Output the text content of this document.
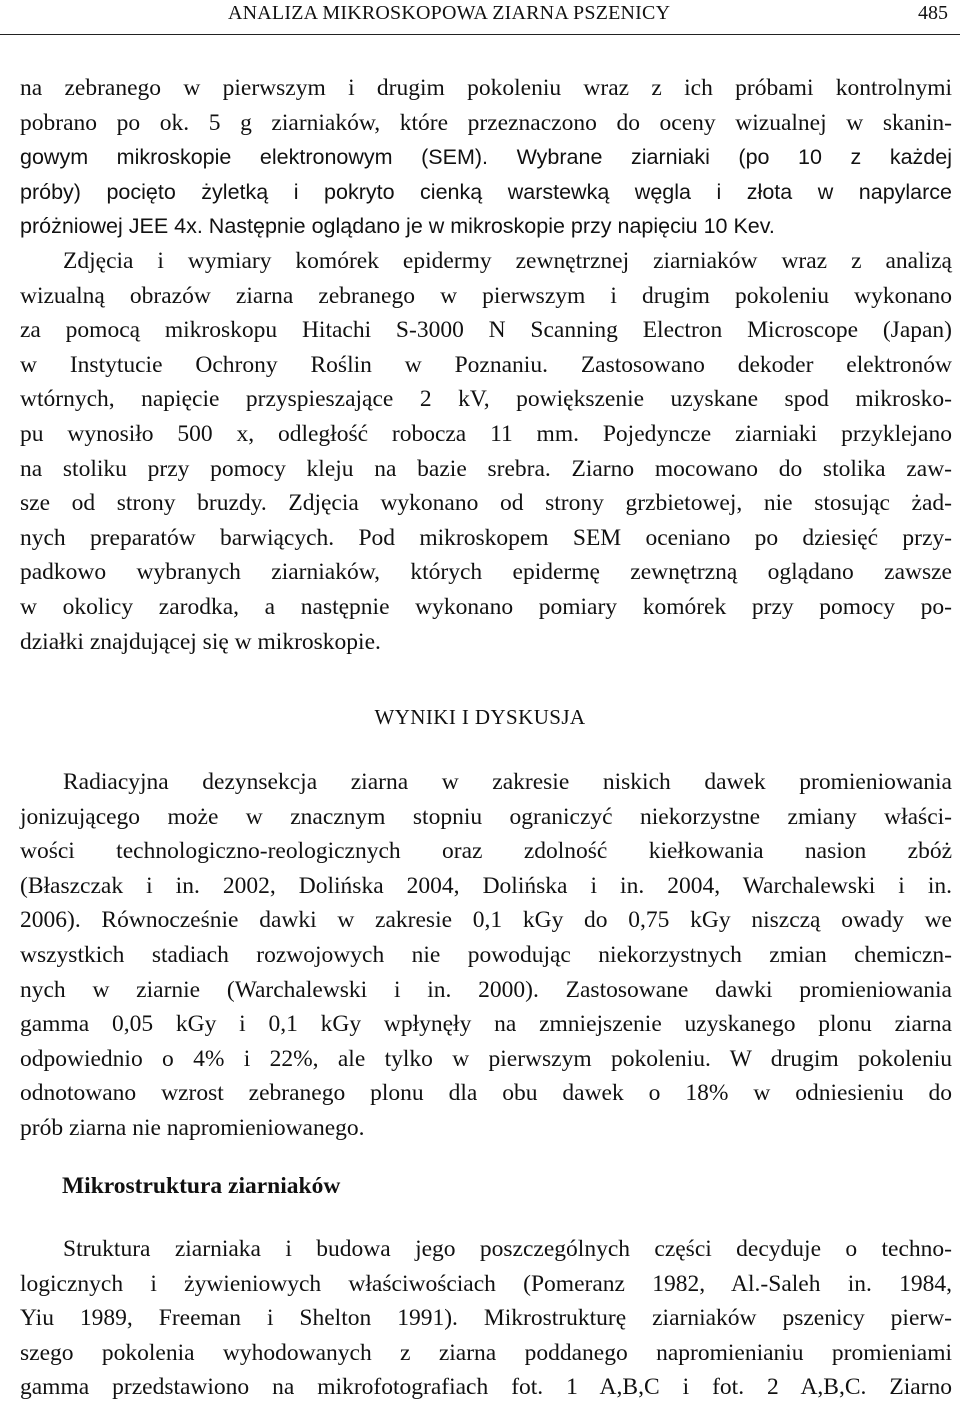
ANALIZA MIKROSKOPOWA ZIARNA PSZENICY	485
na zebranego w pierwszym i drugim pokoleniu wraz z ich próbami kontrolnymi
pobrano po ok. 5 g ziarniaków, które przeznaczono do oceny wizualnej w skanin-
gowym mikroskopie elektronowym (SEM). Wybrane ziarniaki (po 10 z każdej
próby) pocięto żyletką i pokryto cienką warstewką węgla i złota w napylarce
próżniowej JEE 4x. Następnie oglądano je w mikroskopie przy napięciu 10 Kev.
Zdjęcia i wymiary komórek epidermy zewnętrznej ziarniaków wraz z analizą
wizualną obrazów ziarna zebranego w pierwszym i drugim pokoleniu wykonano
za pomocą mikroskopu Hitachi S-3000 N Scanning Electron Microscope (Japan)
w Instytucie Ochrony Roślin w Poznaniu. Zastosowano dekoder elektronów
wtórnych, napięcie przyspieszające 2 kV, powiększenie uzyskane spod mikrosko-
pu wynosiło 500 x, odległość robocza 11 mm. Pojedyncze ziarniaki przyklejano
na stoliku przy pomocy kleju na bazie srebra. Ziarno mocowano do stolika zaw-
sze od strony bruzdy. Zdjęcia wykonano od strony grzbietowej, nie stosując żad-
nych preparatów barwiących. Pod mikroskopem SEM oceniano po dziesięć przy-
padkowo wybranych ziarniaków, których epidermę zewnętrzną oglądano zawsze
w okolicy zarodka, a następnie wykonano pomiary komórek przy pomocy po-
działki znajdującej się w mikroskopie.
WYNIKI I DYSKUSJA
Radiacyjna dezynsekcja ziarna w zakresie niskich dawek promieniowania
jonizującego może w znacznym stopniu ograniczyć niekorzystne zmiany właści-
wości technologiczno-reologicznych oraz zdolność kiełkowania nasion zbóż
(Błaszczak i in. 2002, Dolińska 2004, Dolińska i in. 2004, Warchalewski i in.
2006). Równocześnie dawki w zakresie 0,1 kGy do 0,75 kGy niszczą owady we
wszystkich stadiach rozwojowych nie powodując niekorzystnych zmian chemiczn-
nych w ziarnie (Warchalewski i in. 2000). Zastosowane dawki promieniowania
gamma 0,05 kGy i 0,1 kGy wpłynęły na zmniejszenie uzyskanego plonu ziarna
odpowiednio o 4% i 22%, ale tylko w pierwszym pokoleniu. W drugim pokoleniu
odnotowano wzrost zebranego plonu dla obu dawek o 18% w odniesieniu do
prób ziarna nie napromieniowanego.
Mikrostruktura ziarniaków
Struktura ziarniaka i budowa jego poszczególnych części decyduje o techno-
logicznych i żywieniowych właściwościach (Pomeranz 1982, Al.-Saleh in. 1984,
Yiu 1989, Freeman i Shelton 1991). Mikrostrukturę ziarniaków pszenicy pierw-
szego pokolenia wyhodowanych z ziarna poddanego napromienianiu promieniami
gamma przedstawiono na mikrofotografiach fot. 1 A,B,C i fot. 2 A,B,C. Ziarno
